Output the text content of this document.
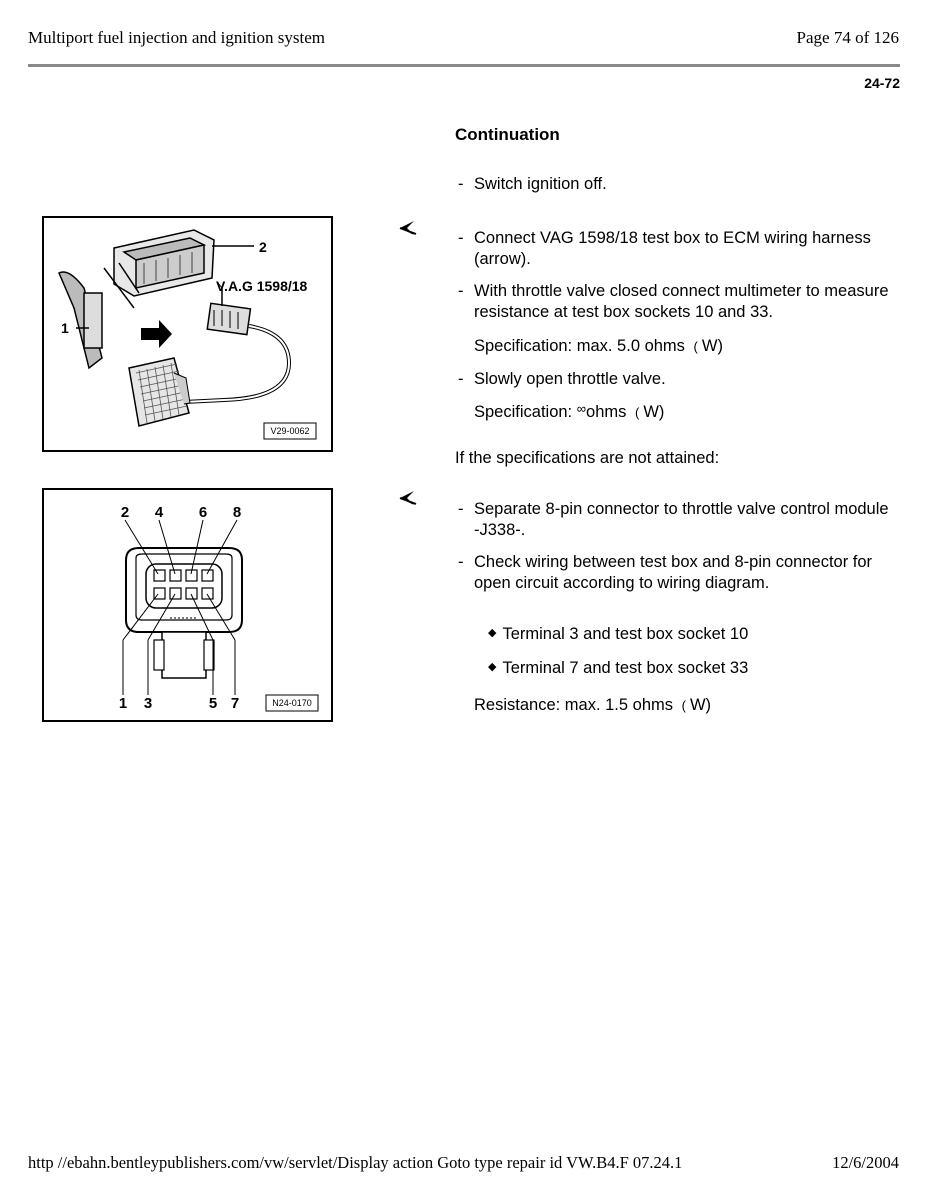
Multiport fuel injection and ignition system	Page 74 of 126
24-72
Continuation
- Switch ignition off.
V29-0062
2
V.A.G 1598/18
1
- Connect VAG 1598/18 test box to ECM wiring harness (arrow).
- With throttle valve closed connect multimeter to measure resistance at test box sockets 10 and 33.
Specification: max. 5.0 ohms ( W)
- Slowly open throttle valve.
Specification: ∞ohms ( W)
If the specifications are not attained:
2 4 6 8
1 3	5 7	N24-0170
- Separate 8-pin connector to throttle valve control module -J338-.
- Check wiring between test box and 8-pin connector for open circuit according to wiring diagram.
◆ Terminal 3 and test box socket 10
◆ Terminal 7 and test box socket 33
Resistance: max. 1.5 ohms ( W)
http //ebahn.bentleypublishers.com/vw/servlet/Display action Goto type repair id VW.B4.F 07.24.1	12/6/2004
